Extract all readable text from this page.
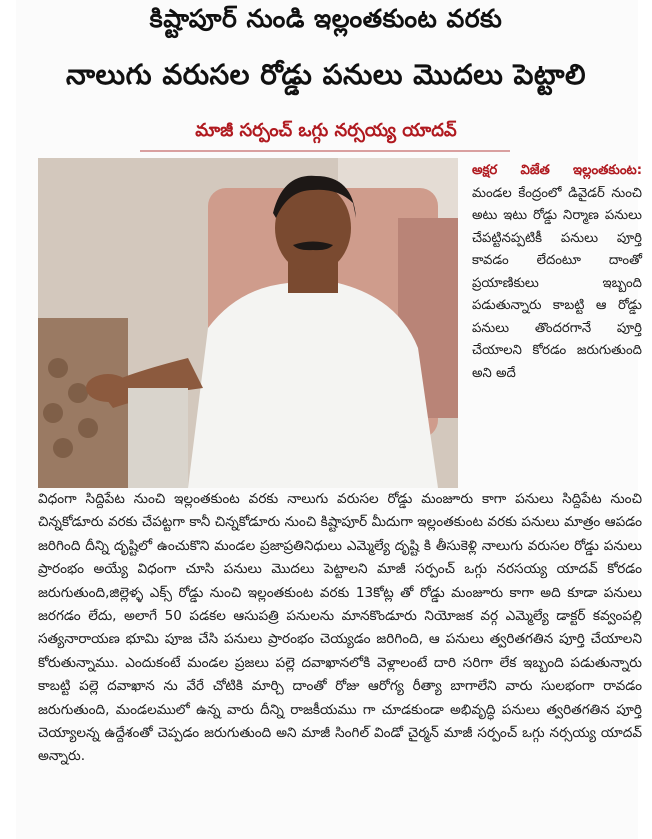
కిష్టాపూర్ నుండి ఇల్లంతకుంట వరకు
నాలుగు వరుసల రోడ్డు పనులు మొదలు పెట్టాలి
మాజీ సర్పంచ్ ఒగ్గు నర్సయ్య యాదవ్
అక్షర విజేత ఇల్లంతకుంట: మండల కేంద్రంలో డివైడర్ నుంచి అటు ఇటు రోడ్డు నిర్మాణ పనులు చేపట్టినప్పటికీ పనులు పూర్తి కావడం లేదంటూ దాంతో ప్రయాణికులు ఇబ్బంది పడుతున్నారు కాబట్టి ఆ రోడ్డు పనులు తొందరగానే పూర్తి చేయాలని కోరడం జరుగుతుంది అని అదే
విధంగా సిద్దిపేట నుంచి ఇల్లంతకుంట వరకు నాలుగు వరుసల రోడ్డు మంజూరు కాగా పనులు సిద్దిపేట నుంచి చిన్నకోడూరు వరకు చేపట్టగా కానీ చిన్నకోడూరు నుంచి కిష్టాపూర్ మీదుగా ఇల్లంతకుంట వరకు పనులు మాత్రం ఆపడం జరిగింది దీన్ని దృష్టిలో ఉంచుకొని మండల ప్రజాప్రతినిధులు ఎమ్మెల్యే దృష్టి కి తీసుకెళ్లి నాలుగు వరుసల రోడ్డు పనులు ప్రారంభం అయ్యే విధంగా చూసి పనులు మొదలు పెట్టాలని మాజీ సర్పంచ్ ఒగ్గు నరసయ్య యాదవ్ కోరడం జరుగుతుంది,జిల్లెళ్ళ ఎక్స్ రోడ్డు నుంచి ఇల్లంతకుంట వరకు 13కోట్ల తో రోడ్డు మంజూరు కాగా అది కూడా పనులు జరగడం లేదు, అలాగే 50 పడకల ఆసుపత్రి పనులను మానకొండూరు నియోజక వర్గ ఎమ్మెల్యే డాక్టర్ కవ్వంపల్లి సత్యనారాయణ భూమి పూజ చేసి పనులు ప్రారంభం చెయ్యడం జరిగింది, ఆ పనులు త్వరితగతిన పూర్తి చేయాలని కోరుతున్నాము. ఎందుకంటే మండల ప్రజలు పల్లె దవాఖానలోకి వెళ్లాలంటే దారి సరిగా లేక ఇబ్బంది పడుతున్నారు కాబట్టి పల్లె దవాఖాన ను వేరే చోటికి మార్చి దాంతో రోజు ఆరోగ్య రీత్యా బాగాలేని వారు సులభంగా రావడం జరుగుతుంది, మండలములో ఉన్న వారు దీన్ని రాజకీయము గా చూడకుండా అభివృద్ధి పనులు త్వరితగతిన పూర్తి చెయ్యాలన్న ఉద్దేశంతో చెప్పడం జరుగుతుంది అని మాజీ సింగిల్ విండో చైర్మన్ మాజీ సర్పంచ్ ఒగ్గు నర్సయ్య యాదవ్ అన్నారు.
